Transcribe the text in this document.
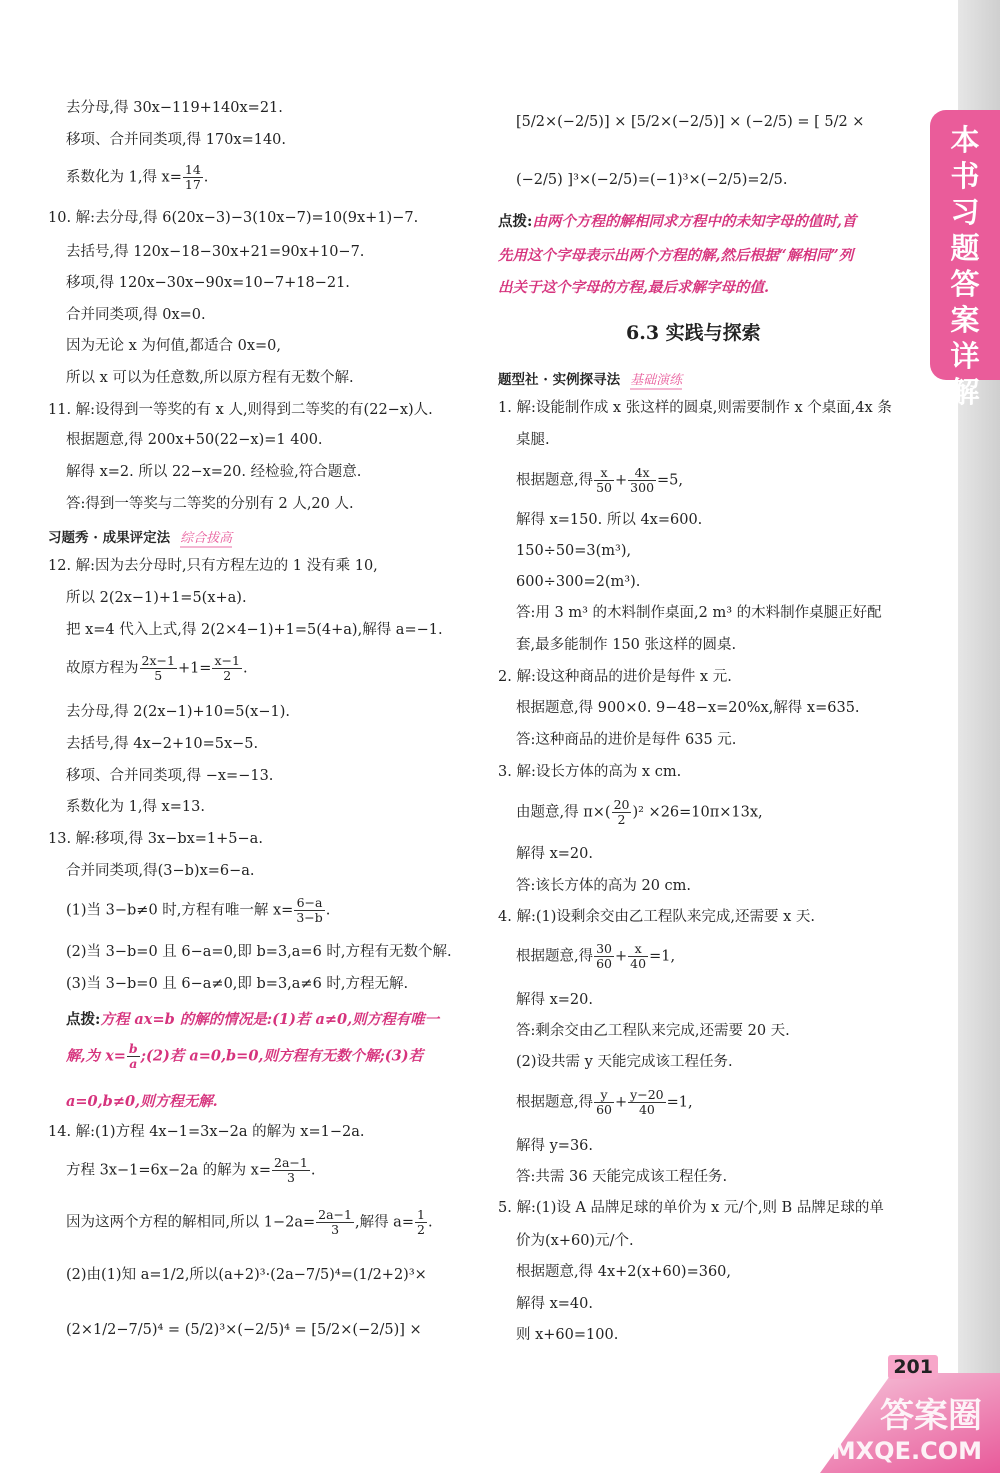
本书习题答案详解
去分母,得 30x−119+140x=21.
移项、合并同类项,得 170x=140.
系数化为 1,得 $x= \frac{14}{17}$ .
10. 解:去分母,得 6(20x−3)−3(10x−7)=10(9x+1)−7.
去括号,得 120x−18−30x+21=90x+10−7.
移项,得 120x−30x−90x=10−7+18−21.
合并同类项,得 0x=0.
因为无论 x 为何值,都适合 0x=0,
所以 x 可以为任意数,所以原方程有无数个解.
11. 解:设得到一等奖的有 x 人,则得到二等奖的有(22−x)人.
根据题意,得 200x+50(22−x)=1 400.
解得 x=2. 所以 22−x=20. 经检验,符合题意.
答:得到一等奖与二等奖的分别有 2 人,20 人.
习题秀 · 成果评定法 综合拔高
12. 解:因为去分母时,只有方程左边的 1 没有乘 10,
所以 2(2x−1)+1=5(x+a).
把 x=4 代入上式,得 2(2×4−1)+1=5(4+a),解得 a=−1.
故原方程为 $\frac{2x-1}{5} +1= \frac{x-1}{2}$ .
去分母,得 2(2x−1)+10=5(x−1).
去括号,得 4x−2+10=5x−5.
移项、合并同类项,得 −x=−13.
系数化为 1,得 x=13.
13. 解:移项,得 3x−bx=1+5−a.
合并同类项,得(3−b)x=6−a.
(1)当 3−b≠0 时,方程有唯一解 $x= \frac{6-a}{3-b}$ .
(2)当 3−b=0 且 6−a=0,即 b=3,a=6 时,方程有无数个解.
(3)当 3−b=0 且 6−a≠0,即 b=3,a≠6 时,方程无解.
点拨:方程 ax=b 的解的情况是:(1)若 a≠0,则方程有唯一
解,为 $x= \frac{b}{a}$ ;(2)若 a=0,b=0,则方程有无数个解;(3)若
a=0,b≠0,则方程无解.
14. 解:(1)方程 4x−1=3x−2a 的解为 x=1−2a.
方程 3x−1=6x−2a 的解为 $x= \frac{2a-1}{3}$ .
因为这两个方程的解相同,所以 $1-2a= \frac{2a-1}{3}$ ,解得 $a= \frac{1}{2}$ .
(2)由(1)知 a=1/2,所以(a+2)³·(2a−7/5)⁴=(1/2+2)³×
(2×1/2−7/5)⁴ = (5/2)³×(−2/5)⁴ = [5/2×(−2/5)] ×
[5/2×(−2/5)] × [5/2×(−2/5)] × (−2/5) = [ 5/2 ×
(−2/5) ]³×(−2/5)=(−1)³×(−2/5)=2/5.
点拨:由两个方程的解相同求方程中的未知字母的值时,首
先用这个字母表示出两个方程的解,然后根据“解相同”列
出关于这个字母的方程,最后求解字母的值.
6.3 实践与探索
题型社 · 实例探寻法 基础演练
1. 解:设能制作成 x 张这样的圆桌,则需要制作 x 个桌面,4x 条
桌腿.
根据题意,得 $\frac{x}{50} + \frac{4x}{300} =5$,
解得 x=150. 所以 4x=600.
150÷50=3(m³),
600÷300=2(m³).
答:用 3 m³ 的木料制作桌面,2 m³ 的木料制作桌腿正好配
套,最多能制作 150 张这样的圆桌.
2. 解:设这种商品的进价是每件 x 元.
根据题意,得 900×0. 9−48−x=20%x,解得 x=635.
答:这种商品的进价是每件 635 元.
3. 解:设长方体的高为 x cm.
由题意,得 $\pi\times( \frac{20}{2} )^2 \times 26=10\pi\times 13x$,
解得 x=20.
答:该长方体的高为 20 cm.
4. 解:(1)设剩余交由乙工程队来完成,还需要 x 天.
根据题意,得 $\frac{30}{60} + \frac{x}{40} =1$,
解得 x=20.
答:剩余交由乙工程队来完成,还需要 20 天.
(2)设共需 y 天能完成该工程任务.
根据题意,得 $\frac{y}{60} + \frac{y-20}{40} =1$,
解得 y=36.
答:共需 36 天能完成该工程任务.
5. 解:(1)设 A 品牌足球的单价为 x 元/个,则 B 品牌足球的单
价为(x+60)元/个.
根据题意,得 4x+2(x+60)=360,
解得 x=40.
则 x+60=100.
201
答案圈
MXQE.COM
